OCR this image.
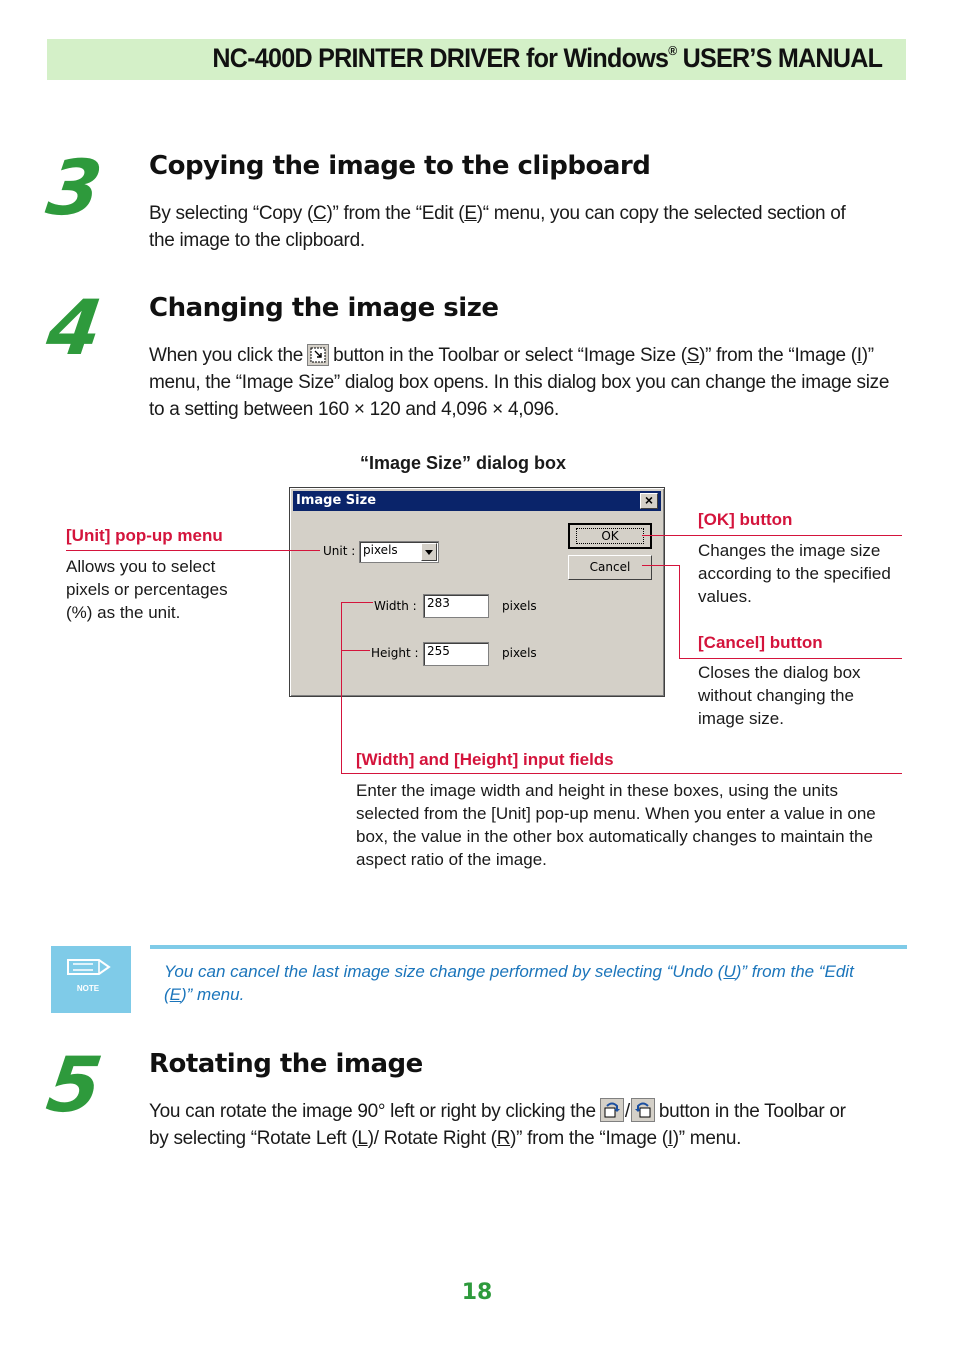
NC-400D PRINTER DRIVER for Windows® USER’S MANUAL
3 Copying the image to the clipboard
By selecting “Copy (C)” from the “Edit (E)“ menu, you can copy the selected section of the image to the clipboard.
4 Changing the image size
When you click the button in the Toolbar or select “Image Size (S)” from the “Image (I)” menu, the “Image Size” dialog box opens. In this dialog box you can change the image size to a setting between 160 × 120 and 4,096 × 4,096.
“Image Size” dialog box
Image Size	×
Unit : pixels
Width : 283	pixels
Height : 255	pixels
OK
Cancel
[Unit] pop-up menu
Allows you to select pixels or percentages (%) as the unit.
[OK] button
Changes the image size according to the specified values.
[Cancel] button
Closes the dialog box without changing the image size.
[Width] and [Height] input fields
Enter the image width and height in these boxes, using the units selected from the [Unit] pop-up menu. When you enter a value in one box, the value in the other box automatically changes to maintain the aspect ratio of the image.
NOTE
You can cancel the last image size change performed by selecting “Undo (U)” from the “Edit (E)” menu.
5 Rotating the image
You can rotate the image 90° left or right by clicking the / button in the Toolbar or by selecting “Rotate Left (L)/ Rotate Right (R)” from the “Image (I)” menu.
18
